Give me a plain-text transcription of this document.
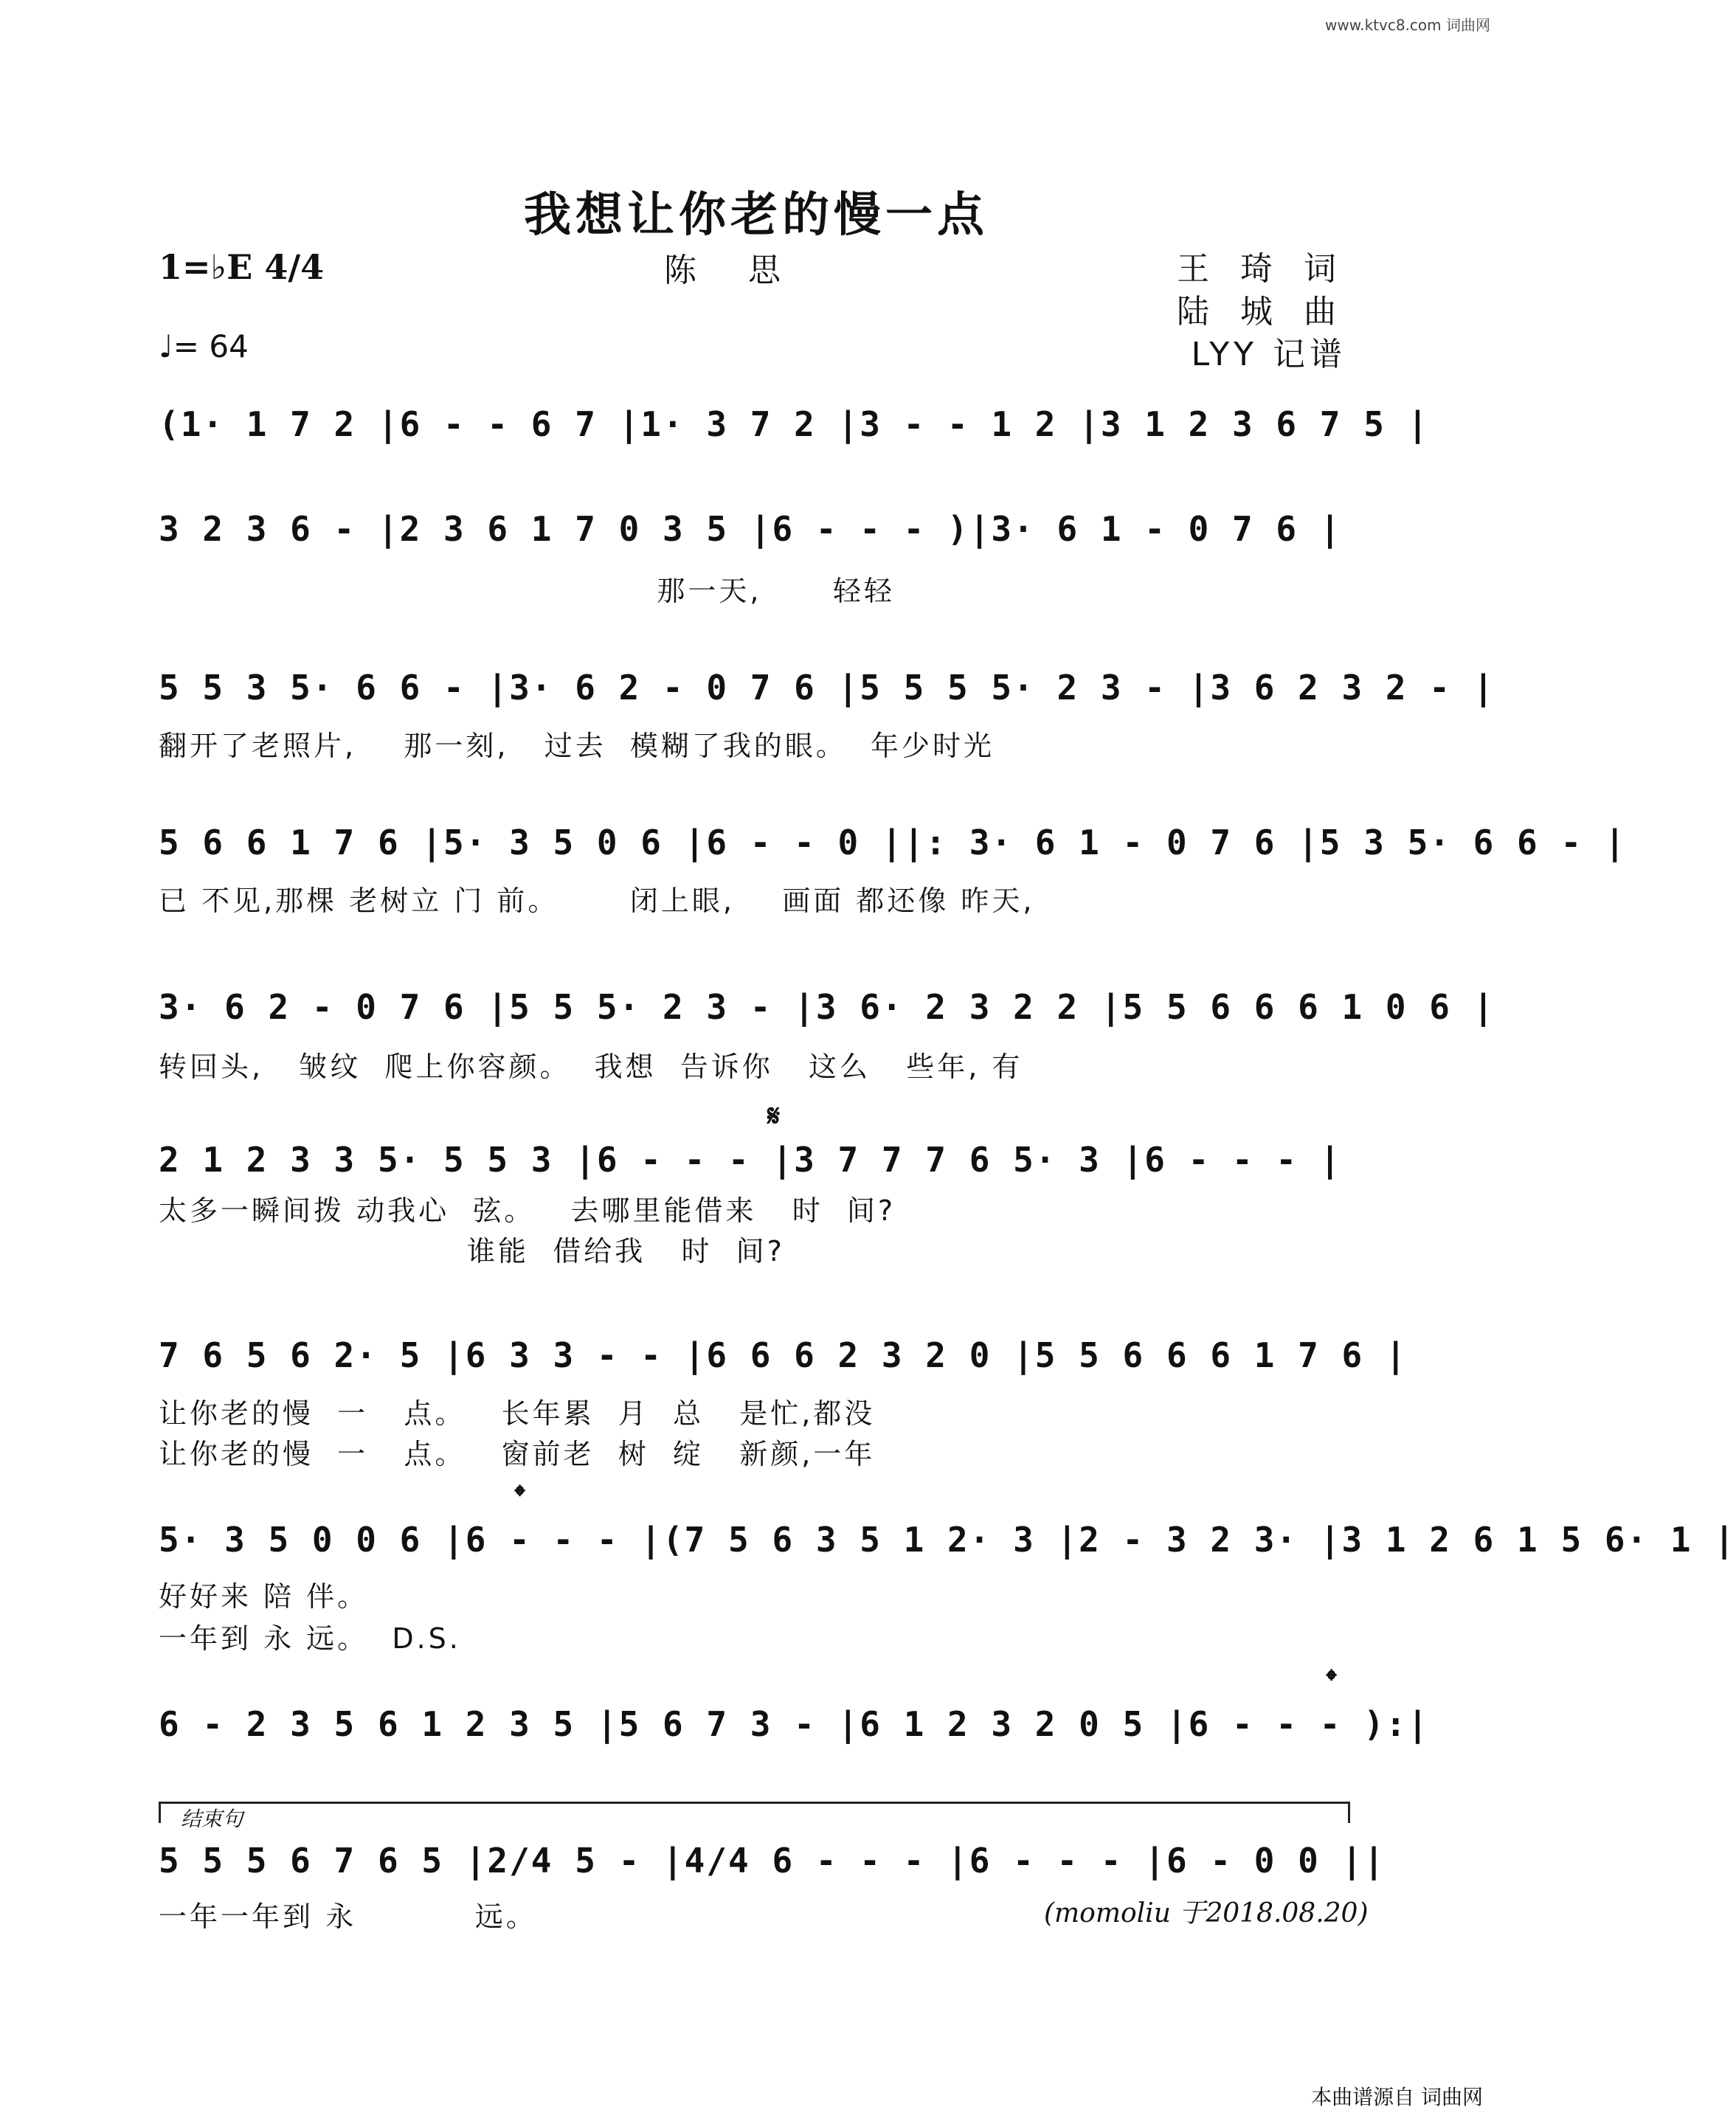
www.ktvc8.com 词曲网
我想让你老的慢一点
1=♭E 4/4	陈 思	王 琦 词
陆 城 曲
LYY 记谱
♩= 64
(1· 1 7 2 |6 - - 6 7 |1· 3 7 2 |3 - - 1 2 |3 1 2 3 6 7 5 |
3 2 3 6 - |2 3 6 1 7 0 3 5 |6 - - - )|3· 6 1 - 0 7 6 |
那一天,      轻轻
5 5 3 5· 6 6 - |3· 6 2 - 0 7 6 |5 5 5 5· 2 3 - |3 6 2 3 2 - |
翻开了老照片,    那一刻,   过去  模糊了我的眼。  年少时光
5 6 6 1 7 6 |5· 3 5 0 6 |6 - - 0 ||: 3· 6 1 - 0 7 6 |5 3 5· 6 6 - |
已 不见,那棵 老树立 门 前。      闭上眼,    画面 都还像 昨天,
3· 6 2 - 0 7 6 |5 5 5· 2 3 - |3 6· 2 3 2 2 |5 5 6 6 6 1 0 6 |
转回头,   皱纹  爬上你容颜。  我想  告诉你   这么   些年, 有
𝄋
2 1 2 3 3 5· 5 5 3 |6 - - - |3 7 7 7 6 5· 3 |6 - - - |
太多一瞬间拨 动我心  弦。   去哪里能借来   时  间?
谁能  借给我   时  间?
7 6 5 6 2· 5 |6 3 3 - - |6 6 6 2 3 2 0 |5 5 6 6 6 1 7 6 |
让你老的慢  一   点。   长年累  月  总   是忙,都没
让你老的慢  一   点。   窗前老  树  绽   新颜,一年
𝄌
5· 3 5 0 0 6 |6 - - - |(7 5 6 3 5 1 2· 3 |2 - 3 2 3· |3 1 2 6 1 5 6· 1 |
好好来 陪 伴。
一年到 永 远。  D.S.
𝄌
6 - 2 3 5 6 1 2 3 5 |5 6 7 3 - |6 1 2 3 2 0 5 |6 - - - ):|
结束句
5 5 5 6 7 6 5 |2/4 5 - |4/4 6 - - - |6 - - - |6 - 0 0 ||
一年一年到 永          远。	(momoliu 于2018.08.20)
本曲谱源自 词曲网
